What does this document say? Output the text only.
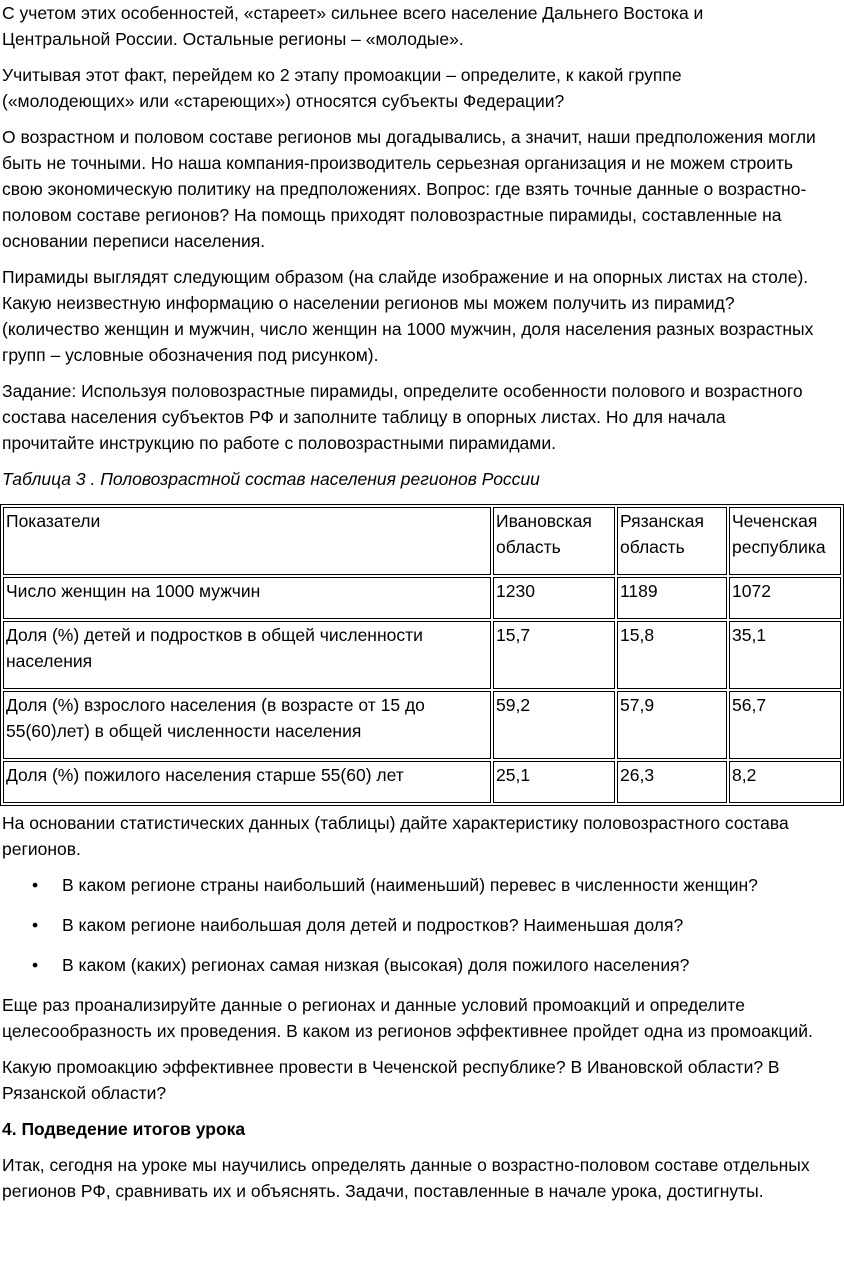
С учетом этих особенностей, «стареет» сильнее всего население Дальнего Востока и Центральной России. Остальные регионы – «молодые».

Учитывая этот факт, перейдем ко 2 этапу промоакции – определите, к какой группе («молодеющих» или «стареющих») относятся субъекты Федерации?

О возрастном и половом составе регионов мы догадывались, а значит, наши предположения могли быть не точными. Но наша компания-производитель серьезная организация и не можем строить свою экономическую политику на предположениях. Вопрос: где взять точные данные о возрастно-половом составе регионов? На помощь приходят половозрастные пирамиды, составленные на основании переписи населения.

Пирамиды выглядят следующим образом (на слайде изображение и на опорных листах на столе). Какую неизвестную информацию о населении регионов мы можем получить из пирамид? (количество женщин и мужчин, число женщин на 1000 мужчин, доля населения разных возрастных групп – условные обозначения под рисунком).

Задание: Используя половозрастные пирамиды, определите особенности полового и возрастного состава населения субъектов РФ и заполните таблицу в опорных листах. Но для начала прочитайте инструкцию по работе с половозрастными пирамидами.

Таблица 3 . Половозрастной состав населения регионов России
Показатели	Ивановская область	Рязанская область	Чеченская республика
Число женщин на 1000 мужчин	1230	1189	1072
Доля (%) детей и подростков в общей численности населения	15,7	15,8	35,1
Доля (%) взрослого населения (в возрасте от 15 до 55(60)лет) в общей численности населения	59,2	57,9	56,7
Доля (%) пожилого населения старше 55(60) лет	25,1	26,3	8,2

На основании статистических данных (таблицы) дайте характеристику половозрастного состава регионов.

• В каком регионе страны наибольший (наименьший) перевес в численности женщин?
• В каком регионе наибольшая доля детей и подростков? Наименьшая доля?
• В каком (каких) регионах самая низкая (высокая) доля пожилого населения?

Еще раз проанализируйте данные о регионах и данные условий промоакций и определите целесообразность их проведения. В каком из регионов эффективнее пройдет одна из промоакций.

Какую промоакцию эффективнее провести в Чеченской республике? В Ивановской области? В Рязанской области?

4. Подведение итогов урока

Итак, сегодня на уроке мы научились определять данные о возрастно-половом составе отдельных регионов РФ, сравнивать их и объяснять. Задачи, поставленные в начале урока, достигнуты.
